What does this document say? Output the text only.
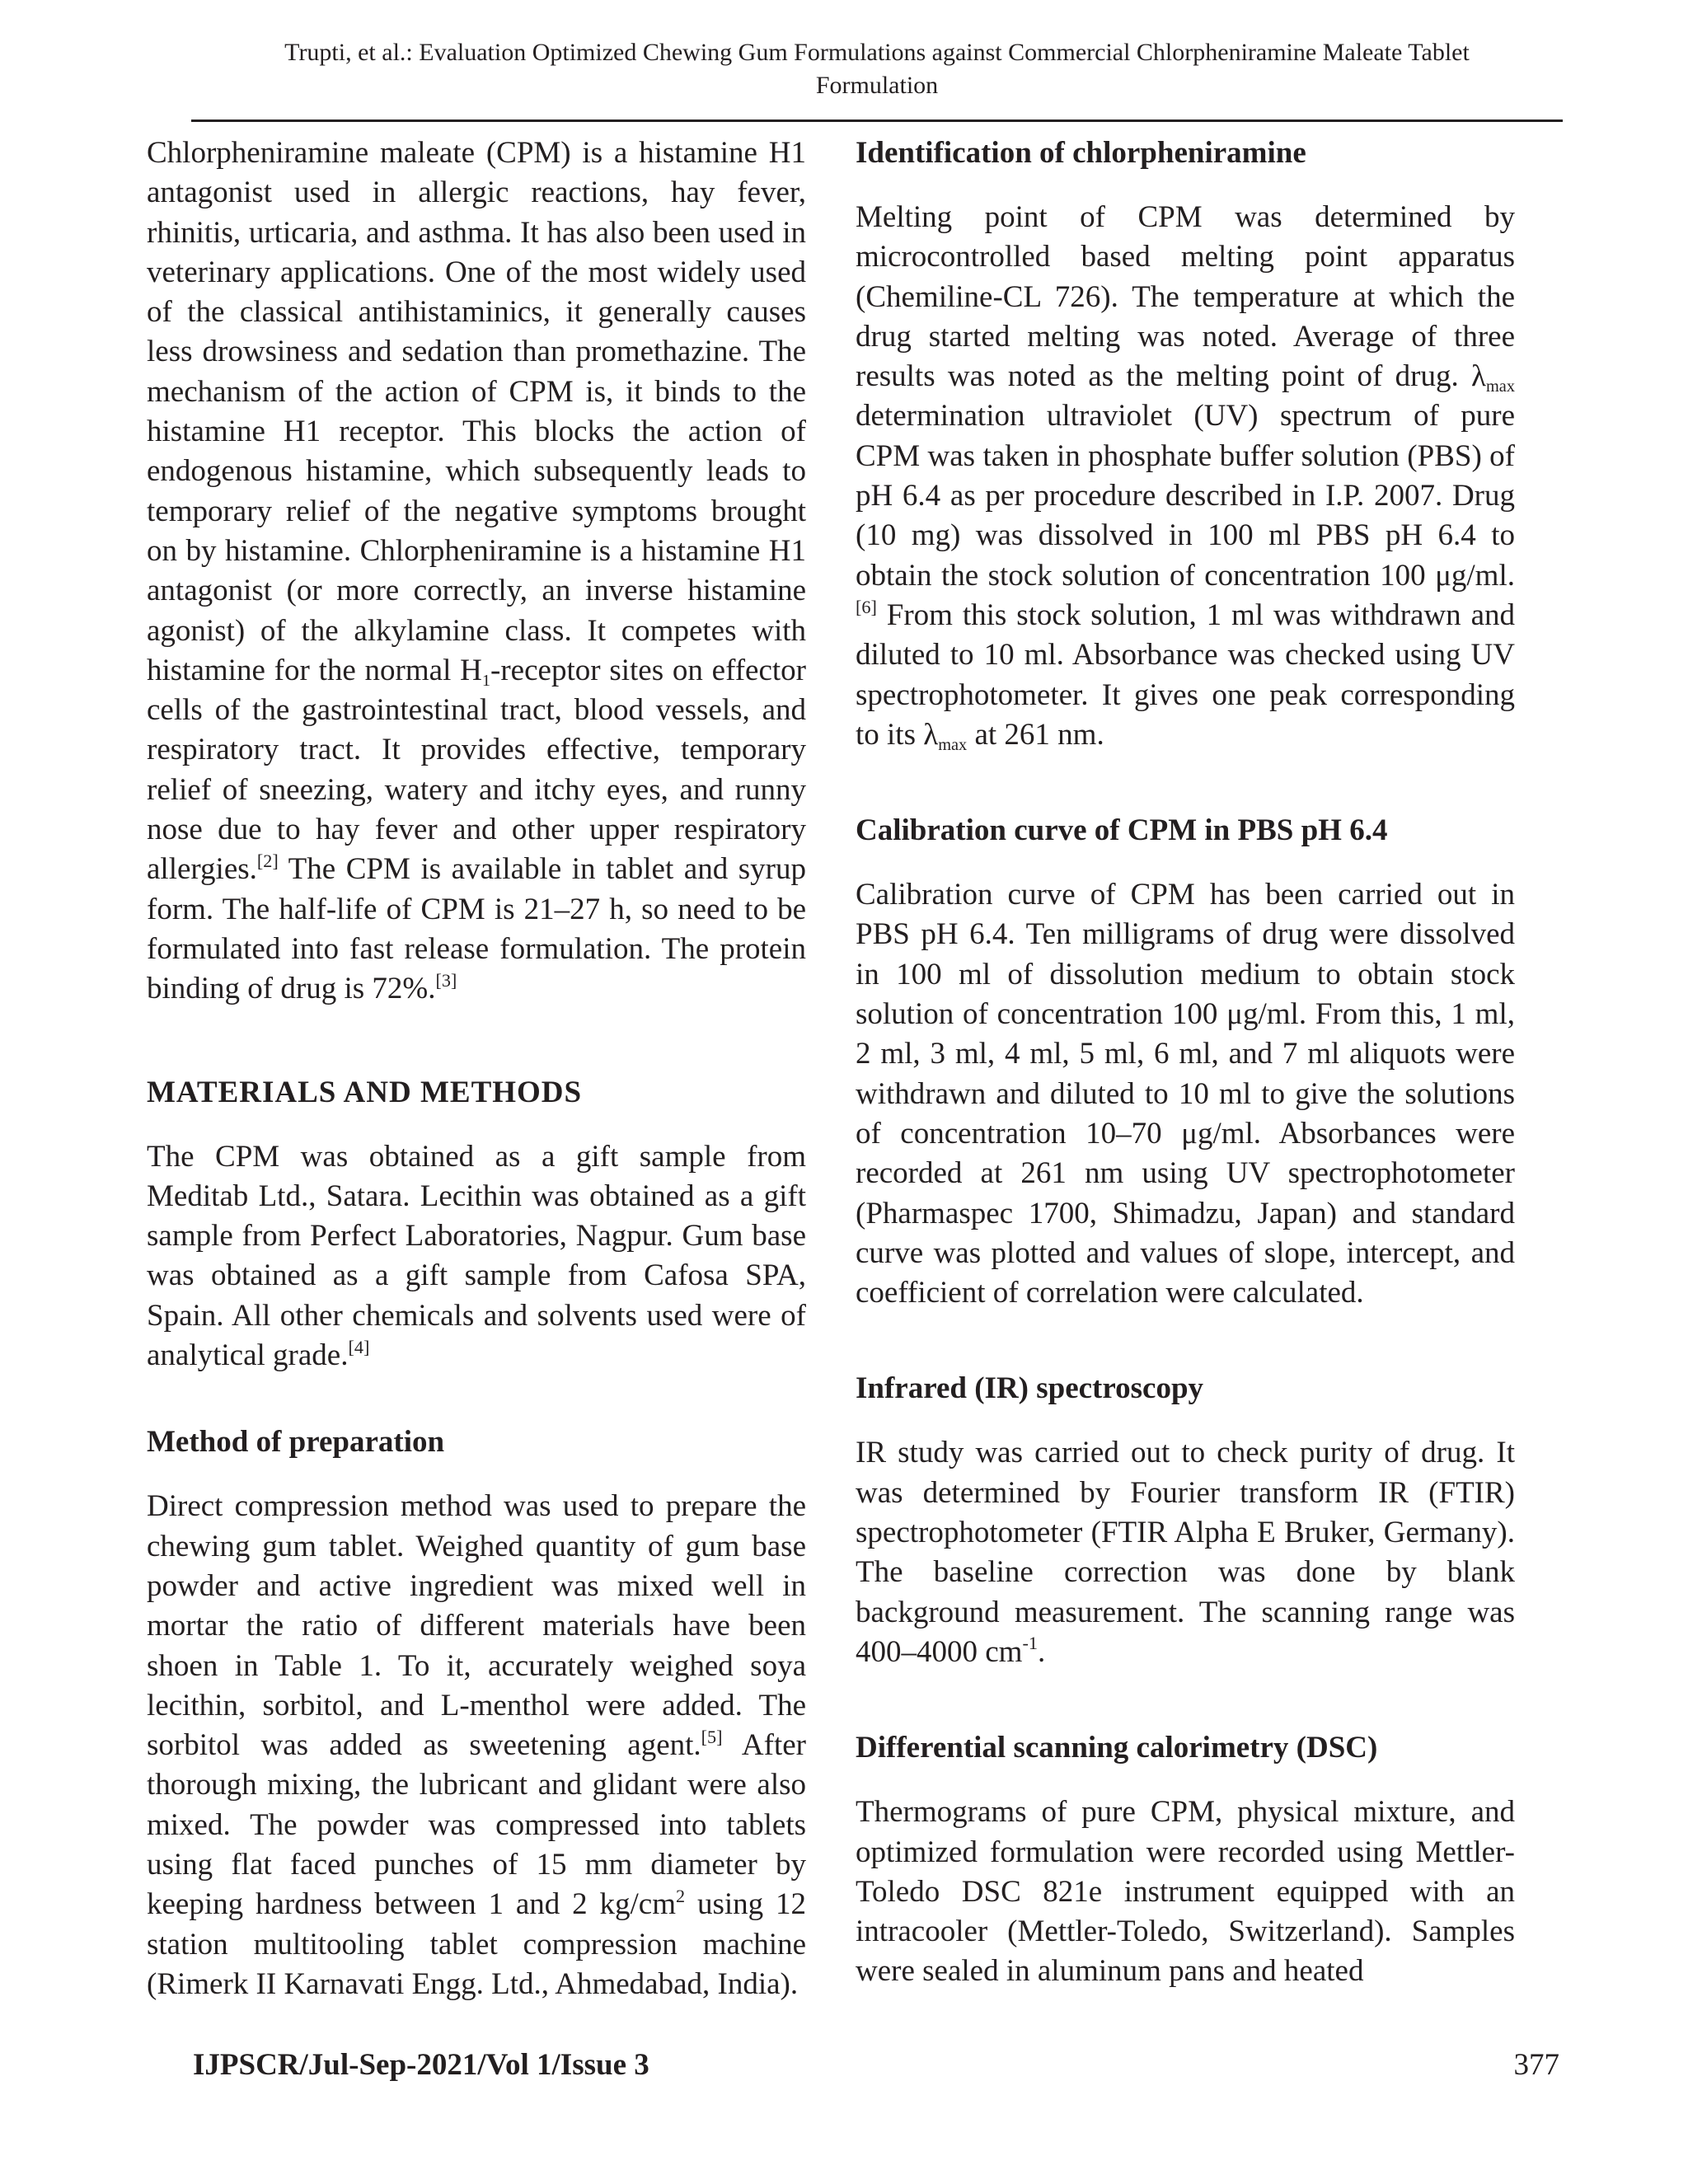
Trupti, et al.: Evaluation Optimized Chewing Gum Formulations against Commercial Chlorpheniramine Maleate Tablet
Formulation

Chlorpheniramine maleate (CPM) is a histamine H1 antagonist used in allergic reactions, hay fever, rhinitis, urticaria, and asthma. It has also been used in veterinary applications. One of the most widely used of the classical antihistaminics, it generally causes less drowsiness and sedation than promethazine. The mechanism of the action of CPM is, it binds to the histamine H1 receptor. This blocks the action of endogenous histamine, which subsequently leads to temporary relief of the negative symptoms brought on by histamine. Chlorpheniramine is a histamine H1 antagonist (or more correctly, an inverse histamine agonist) of the alkylamine class. It competes with histamine for the normal $H_1$-receptor sites on effector cells of the gastrointestinal tract, blood vessels, and respiratory tract. It provides effective, temporary relief of sneezing, watery and itchy eyes, and runny nose due to hay fever and other upper respiratory allergies.[2] The CPM is available in tablet and syrup form. The half-life of CPM is 21–27 h, so need to be formulated into fast release formulation. The protein binding of drug is 72%.[3]

MATERIALS AND METHODS

The CPM was obtained as a gift sample from Meditab Ltd., Satara. Lecithin was obtained as a gift sample from Perfect Laboratories, Nagpur. Gum base was obtained as a gift sample from Cafosa SPA, Spain. All other chemicals and solvents used were of analytical grade.[4]

Method of preparation

Direct compression method was used to prepare the chewing gum tablet. Weighed quantity of gum base powder and active ingredient was mixed well in mortar the ratio of different materials have been shoen in Table 1. To it, accurately weighed soya lecithin, sorbitol, and L-menthol were added. The sorbitol was added as sweetening agent.[5] After thorough mixing, the lubricant and glidant were also mixed. The powder was compressed into tablets using flat faced punches of 15 mm diameter by keeping hardness between 1 and 2 $kg/cm^2$ using 12 station multitooling tablet compression machine (Rimerk II Karnavati Engg. Ltd., Ahmedabad, India).

Identification of chlorpheniramine

Melting point of CPM was determined by microcontrolled based melting point apparatus (Chemiline-CL 726). The temperature at which the drug started melting was noted. Average of three results was noted as the melting point of drug. $\lambda_{max}$ determination ultraviolet (UV) spectrum of pure CPM was taken in phosphate buffer solution (PBS) of pH 6.4 as per procedure described in I.P. 2007. Drug (10 mg) was dissolved in 100 ml PBS pH 6.4 to obtain the stock solution of concentration 100 μg/ml.[6] From this stock solution, 1 ml was withdrawn and diluted to 10 ml. Absorbance was checked using UV spectrophotometer. It gives one peak corresponding to its $\lambda_{max}$ at 261 nm.

Calibration curve of CPM in PBS pH 6.4

Calibration curve of CPM has been carried out in PBS pH 6.4. Ten milligrams of drug were dissolved in 100 ml of dissolution medium to obtain stock solution of concentration 100 μg/ml. From this, 1 ml, 2 ml, 3 ml, 4 ml, 5 ml, 6 ml, and 7 ml aliquots were withdrawn and diluted to 10 ml to give the solutions of concentration 10–70 μg/ml. Absorbances were recorded at 261 nm using UV spectrophotometer (Pharmaspec 1700, Shimadzu, Japan) and standard curve was plotted and values of slope, intercept, and coefficient of correlation were calculated.

Infrared (IR) spectroscopy

IR study was carried out to check purity of drug. It was determined by Fourier transform IR (FTIR) spectrophotometer (FTIR Alpha E Bruker, Germany). The baseline correction was done by blank background measurement. The scanning range was 400–4000 $cm^{-1}$.

Differential scanning calorimetry (DSC)

Thermograms of pure CPM, physical mixture, and optimized formulation were recorded using Mettler-Toledo DSC 821e instrument equipped with an intracooler (Mettler-Toledo, Switzerland). Samples were sealed in aluminum pans and heated

IJPSCR/Jul-Sep-2021/Vol 1/Issue 3	377
